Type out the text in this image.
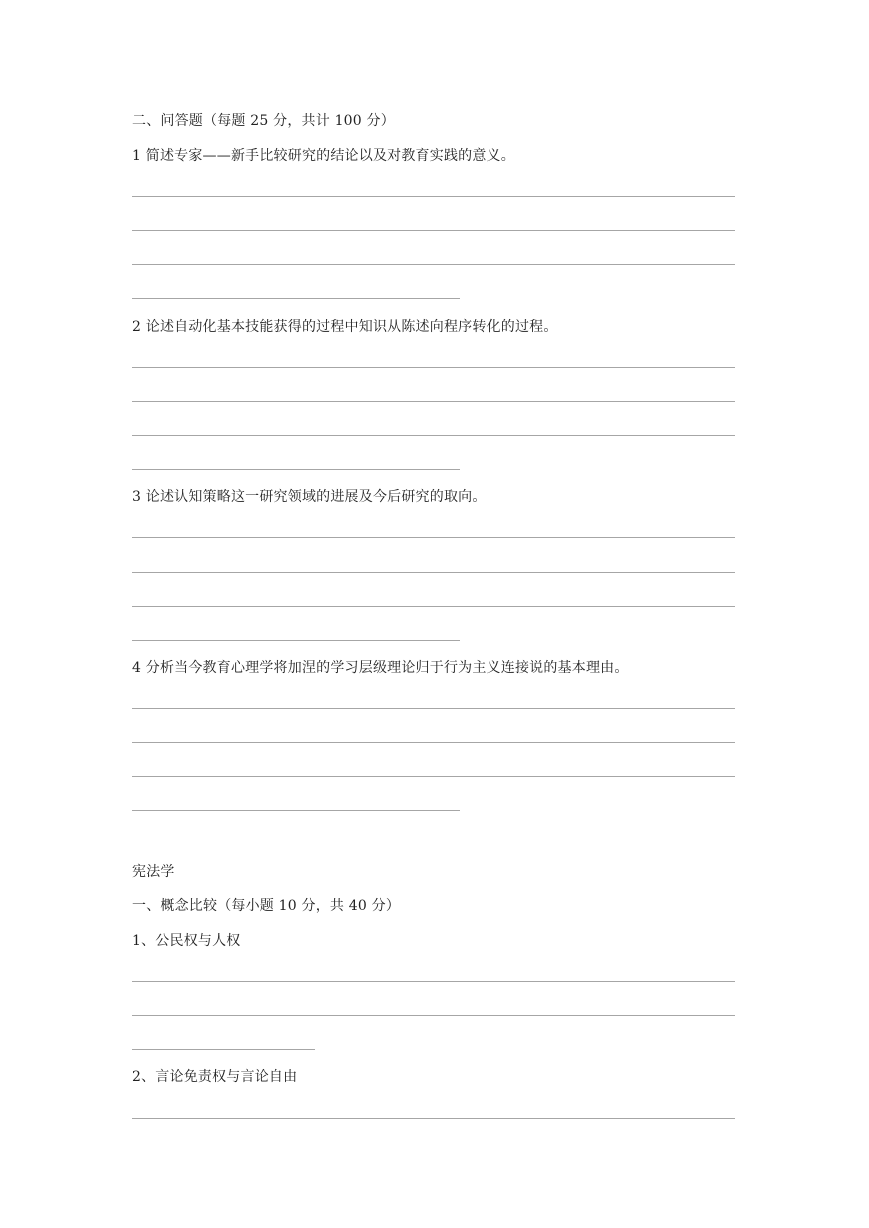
二、问答题（每题 25 分，共计 100 分）
1 简述专家——新手比较研究的结论以及对教育实践的意义。
2 论述自动化基本技能获得的过程中知识从陈述向程序转化的过程。
3 论述认知策略这一研究领域的进展及今后研究的取向。
4 分析当今教育心理学将加涅的学习层级理论归于行为主义连接说的基本理由。
宪法学
一、概念比较（每小题 10 分，共 40 分）
1、公民权与人权
2、言论免责权与言论自由
